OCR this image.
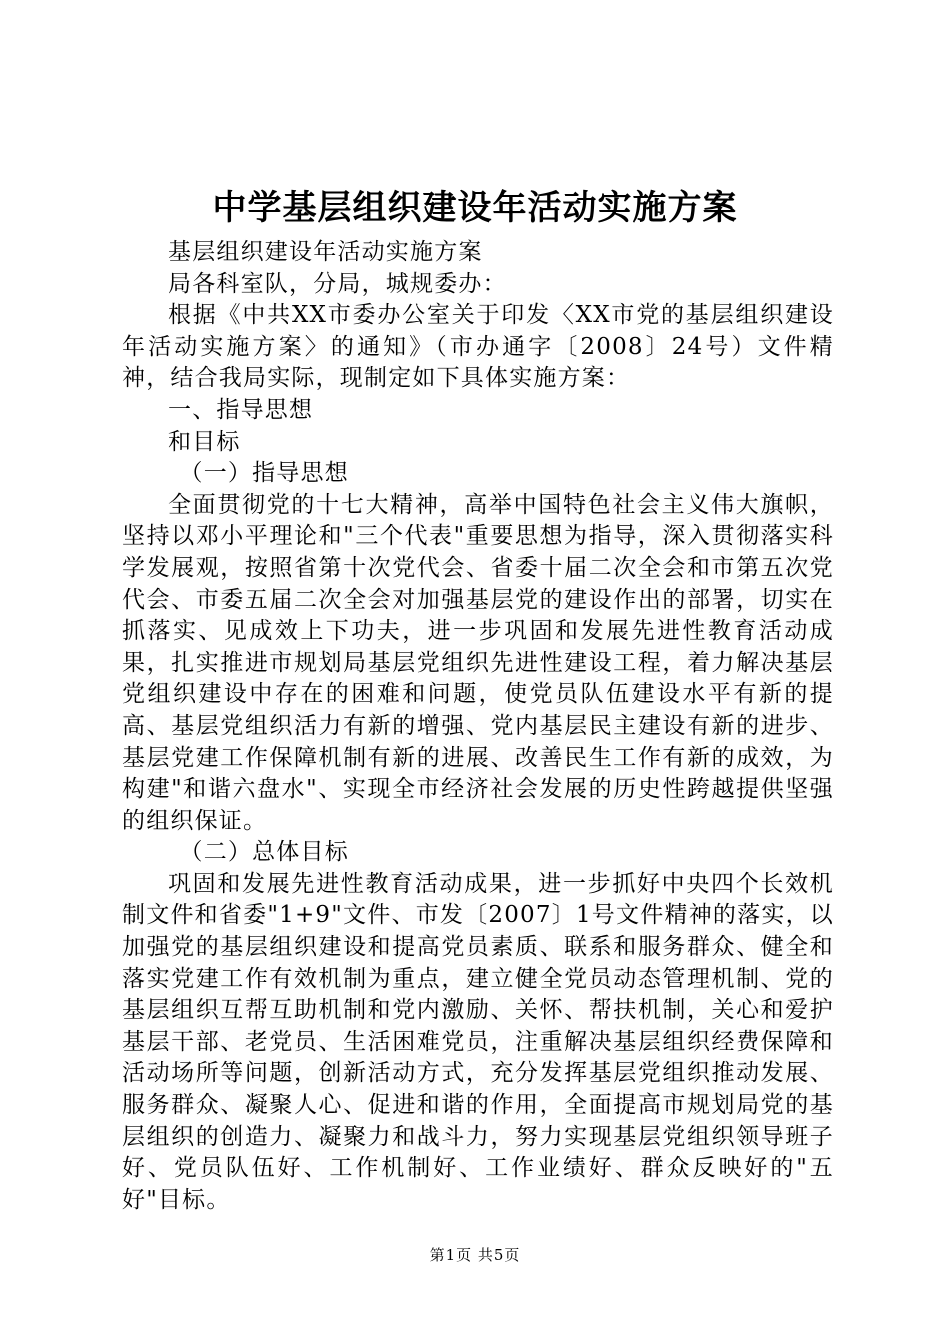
中学基层组织建设年活动实施方案

基层组织建设年活动实施方案

局各科室队，分局，城规委办：

根据《中共XX市委办公室关于印发〈XX市党的基层组织建设年活动实施方案〉的通知》（市办通字〔2008〕24号）文件精神，结合我局实际，现制定如下具体实施方案：

一、指导思想

和目标

（一）指导思想

全面贯彻党的十七大精神，高举中国特色社会主义伟大旗帜，坚持以邓小平理论和"三个代表"重要思想为指导，深入贯彻落实科学发展观，按照省第十次党代会、省委十届二次全会和市第五次党代会、市委五届二次全会对加强基层党的建设作出的部署，切实在抓落实、见成效上下功夫，进一步巩固和发展先进性教育活动成果，扎实推进市规划局基层党组织先进性建设工程，着力解决基层党组织建设中存在的困难和问题，使党员队伍建设水平有新的提高、基层党组织活力有新的增强、党内基层民主建设有新的进步、基层党建工作保障机制有新的进展、改善民生工作有新的成效，为构建"和谐六盘水"、实现全市经济社会发展的历史性跨越提供坚强的组织保证。

（二）总体目标

巩固和发展先进性教育活动成果，进一步抓好中央四个长效机制文件和省委"1+9"文件、市发〔2007〕1号文件精神的落实，以加强党的基层组织建设和提高党员素质、联系和服务群众、健全和落实党建工作有效机制为重点，建立健全党员动态管理机制、党的基层组织互帮互助机制和党内激励、关怀、帮扶机制，关心和爱护基层干部、老党员、生活困难党员，注重解决基层组织经费保障和活动场所等问题，创新活动方式，充分发挥基层党组织推动发展、服务群众、凝聚人心、促进和谐的作用，全面提高市规划局党的基层组织的创造力、凝聚力和战斗力，努力实现基层党组织领导班子好、党员队伍好、工作机制好、工作业绩好、群众反映好的"五好"目标。

第1页 共5页
